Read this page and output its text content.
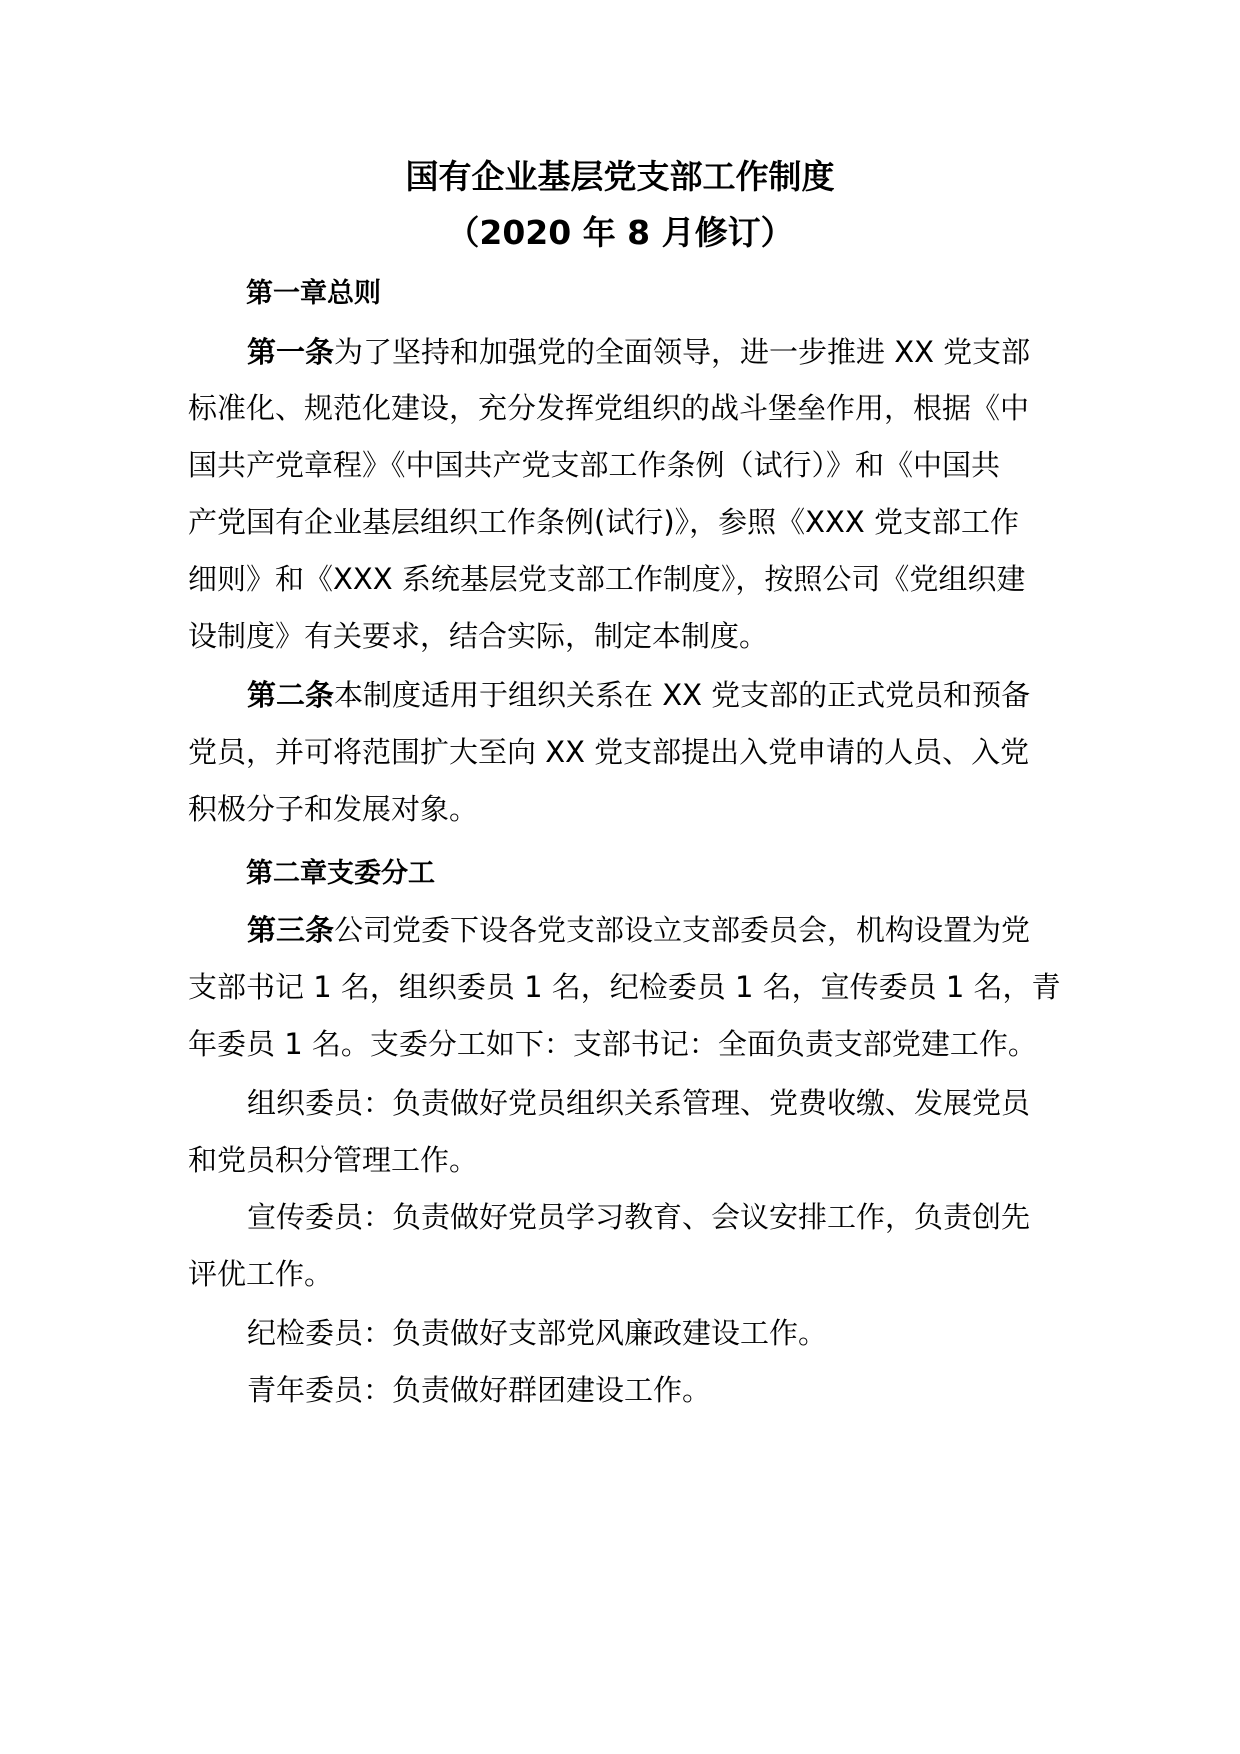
国有企业基层党支部工作制度
（2020 年 8 月修订）
第一章总则

第一条为了坚持和加强党的全面领导，进一步推进 XX 党支部

标准化、规范化建设，充分发挥党组织的战斗堡垒作用，根据《中

国共产党章程》《中国共产党支部工作条例（试行）》和《中国共

产党国有企业基层组织工作条例(试行)》，参照《XXX 党支部工作

细则》和《XXX 系统基层党支部工作制度》，按照公司《党组织建

设制度》有关要求，结合实际，制定本制度。

第二条本制度适用于组织关系在 XX 党支部的正式党员和预备

党员，并可将范围扩大至向 XX 党支部提出入党申请的人员、入党

积极分子和发展对象。

第二章支委分工

第三条公司党委下设各党支部设立支部委员会，机构设置为党

支部书记 1 名，组织委员 1 名，纪检委员 1 名，宣传委员 1 名，青

年委员 1 名。支委分工如下：支部书记：全面负责支部党建工作。

组织委员：负责做好党员组织关系管理、党费收缴、发展党员

和党员积分管理工作。

宣传委员：负责做好党员学习教育、会议安排工作，负责创先

评优工作。

纪检委员：负责做好支部党风廉政建设工作。

青年委员：负责做好群团建设工作。
